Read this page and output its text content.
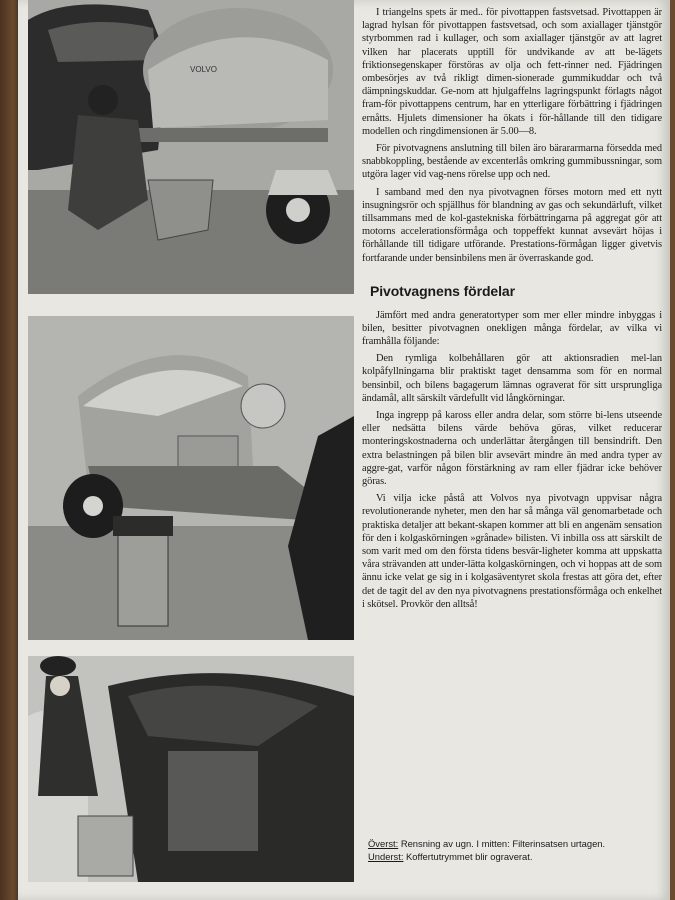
VOLVO

I triangelns spets är med.. för pivottappen fastsvetsad. Pivottappen är lagrad hylsan för pivottappen fastsvetsad, och som axiallager tjänstgör styrbommen rad i kullager, och som axiallager tjänstgör av att lagret vilken har placerats upptill för undvikande av att be-lägets friktionsegenskaper förstöras av olja och fett-rinner ned. Fjädringen ombesörjes av två rikligt dimen-sionerade gummikuddar och två dämpningskuddar. Ge-nom att hjulgaffelns lagringspunkt förlagts något fram-för pivottappens centrum, har en ytterligare förbättring i fjädringen ernåtts. Hjulets dimensioner ha ökats i för-hållande till den tidigare modellen och ringdimensionen är 5.00—8.

För pivotvagnens anslutning till bilen äro bärararmarna försedda med snabbkoppling, bestående av excenterlås omkring gummibussningar, som utgöra lager vid vag-nens rörelse upp och ned.

I samband med den nya pivotvagnen förses motorn med ett nytt insugningsrör och spjällhus för blandning av gas och sekundärluft, vilket tillsammans med de kol-gastekniska förbättringarna på aggregat gör att motorns accelerationsförmåga och toppeffekt kunnat avsevärt höjas i förhållande till tidigare utförande. Prestations-förmågan ligger givetvis fortfarande under bensinbilens men är överraskande god.

Pivotvagnens fördelar

Jämfört med andra generatortyper som mer eller mindre inbyggas i bilen, besitter pivotvagnen onekligen många fördelar, av vilka vi framhålla följande:

Den rymliga kolbehållaren gör att aktionsradien mel-lan kolpåfyllningarna blir praktiskt taget densamma som för en normal bensinbil, och bilens bagagerum lämnas ograverat för sitt ursprungliga ändamål, allt särskilt värdefullt vid långkörningar.

Inga ingrepp på kaross eller andra delar, som större bi-lens utseende eller nedsätta bilens värde behöva göras, vilket reducerar monteringskostnaderna och underlättar återgången till bensindrift. Den extra belastningen på bilen blir avsevärt mindre än med andra typer av aggre-gat, varför någon förstärkning av ram eller fjädrar icke behöver göras.

Vi vilja icke påstå att Volvos nya pivotvagn uppvisar några revolutionerande nyheter, men den har så många väl genomarbetade och praktiska detaljer att bekant-skapen kommer att bli en angenäm sensation för den i kolgaskörningen »grånade» bilisten. Vi inbilla oss att särskilt de som varit med om den första tidens besvär-ligheter komma att uppskatta våra strävanden att under-lätta kolgaskörningen, och vi hoppas att de som ännu icke velat ge sig in i kolgasäventyret skola frestas att göra det, efter det de tagit del av den nya pivotvagnens prestationsförmåga och enkelhet i skötsel. Provkör den alltså!

Överst: Rensning av ugn. I mitten: Filterinsatsen urtagen.
Underst: Koffertutrymmet blir ograverat.
